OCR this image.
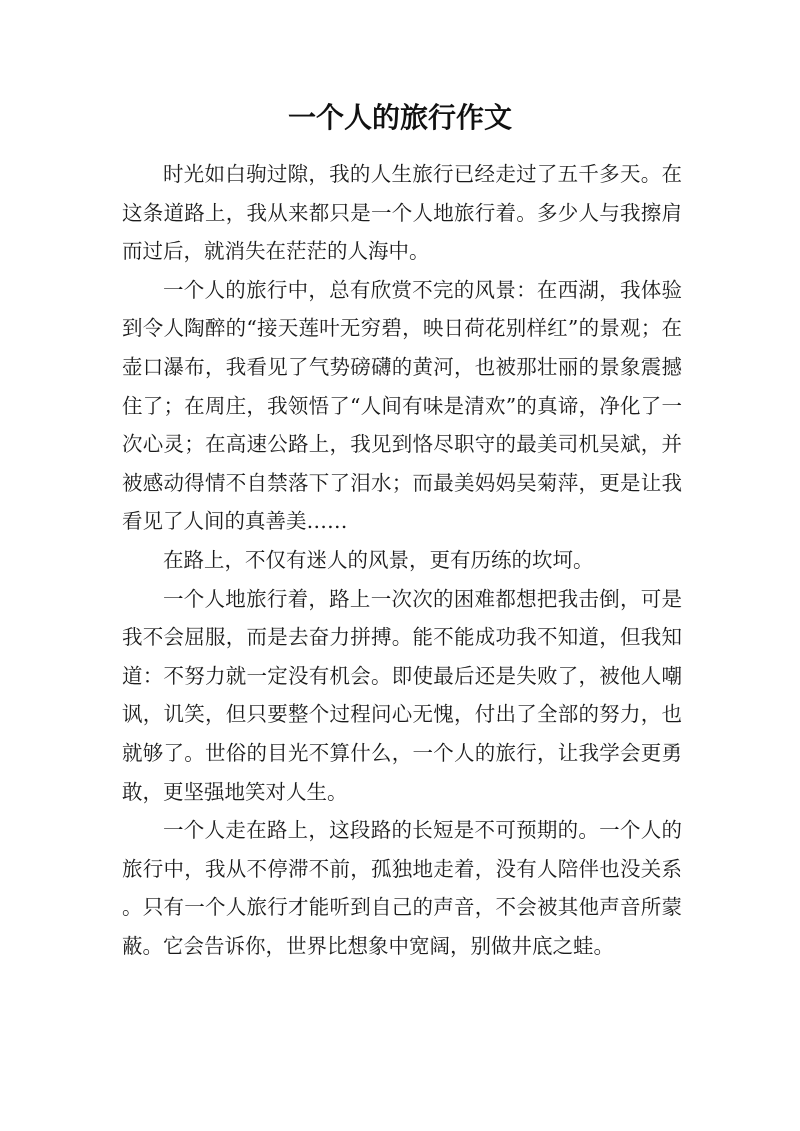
一个人的旅行作文

时光如白驹过隙，我的人生旅行已经走过了五千多天。在这条道路上，我从来都只是一个人地旅行着。多少人与我擦肩而过后，就消失在茫茫的人海中。

一个人的旅行中，总有欣赏不完的风景：在西湖，我体验到令人陶醉的“接天莲叶无穷碧，映日荷花别样红”的景观；在壶口瀑布，我看见了气势磅礴的黄河，也被那壮丽的景象震撼住了；在周庄，我领悟了“人间有味是清欢”的真谛，净化了一次心灵；在高速公路上，我见到恪尽职守的最美司机吴斌，并被感动得情不自禁落下了泪水；而最美妈妈吴菊萍，更是让我看见了人间的真善美……

在路上，不仅有迷人的风景，更有历练的坎坷。

一个人地旅行着，路上一次次的困难都想把我击倒，可是我不会屈服，而是去奋力拼搏。能不能成功我不知道，但我知道：不努力就一定没有机会。即使最后还是失败了，被他人嘲讽，讥笑，但只要整个过程问心无愧，付出了全部的努力，也就够了。世俗的目光不算什么，一个人的旅行，让我学会更勇敢，更坚强地笑对人生。

一个人走在路上，这段路的长短是不可预期的。一个人的旅行中，我从不停滞不前，孤独地走着，没有人陪伴也没关系。只有一个人旅行才能听到自己的声音，不会被其他声音所蒙蔽。它会告诉你，世界比想象中宽阔，别做井底之蛙。
